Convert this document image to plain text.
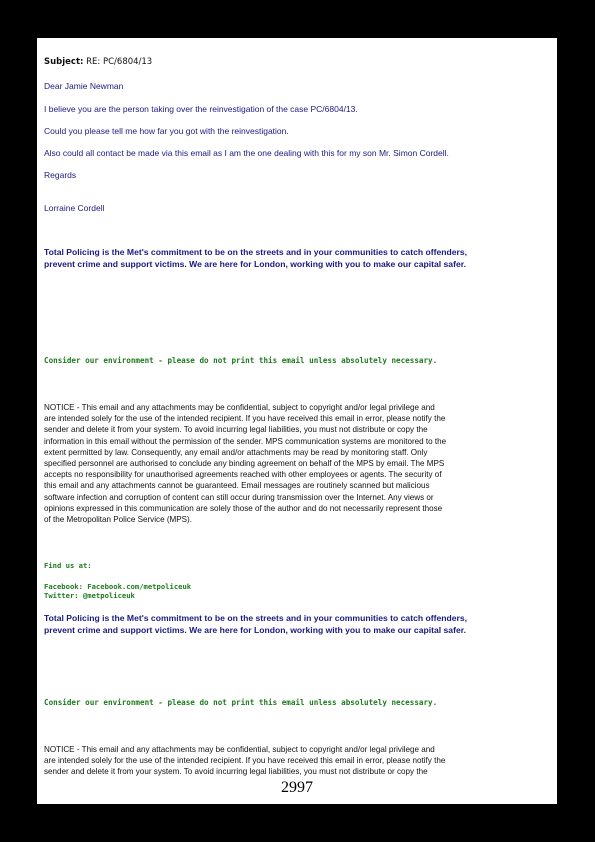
Subject: RE: PC/6804/13

Dear Jamie Newman

I believe you are the person taking over the reinvestigation of the case PC/6804/13.

Could you please tell me how far you got with the reinvestigation.

Also could all contact be made via this email as I am the one dealing with this for my son Mr. Simon Cordell.

Regards

Lorraine Cordell

Total Policing is the Met's commitment to be on the streets and in your communities to catch offenders,
prevent crime and support victims. We are here for London, working with you to make our capital safer.

Consider our environment - please do not print this email unless absolutely necessary.

NOTICE - This email and any attachments may be confidential, subject to copyright and/or legal privilege and
are intended solely for the use of the intended recipient. If you have received this email in error, please notify the
sender and delete it from your system. To avoid incurring legal liabilities, you must not distribute or copy the
information in this email without the permission of the sender. MPS communication systems are monitored to the
extent permitted by law. Consequently, any email and/or attachments may be read by monitoring staff. Only
specified personnel are authorised to conclude any binding agreement on behalf of the MPS by email. The MPS
accepts no responsibility for unauthorised agreements reached with other employees or agents. The security of
this email and any attachments cannot be guaranteed. Email messages are routinely scanned but malicious
software infection and corruption of content can still occur during transmission over the Internet. Any views or
opinions expressed in this communication are solely those of the author and do not necessarily represent those
of the Metropolitan Police Service (MPS).

Find us at:

Facebook: Facebook.com/metpoliceuk
Twitter: @metpoliceuk
Total Policing is the Met's commitment to be on the streets and in your communities to catch offenders,
prevent crime and support victims. We are here for London, working with you to make our capital safer.

Consider our environment - please do not print this email unless absolutely necessary.

NOTICE - This email and any attachments may be confidential, subject to copyright and/or legal privilege and
are intended solely for the use of the intended recipient. If you have received this email in error, please notify the
sender and delete it from your system. To avoid incurring legal liabilities, you must not distribute or copy the
2997
